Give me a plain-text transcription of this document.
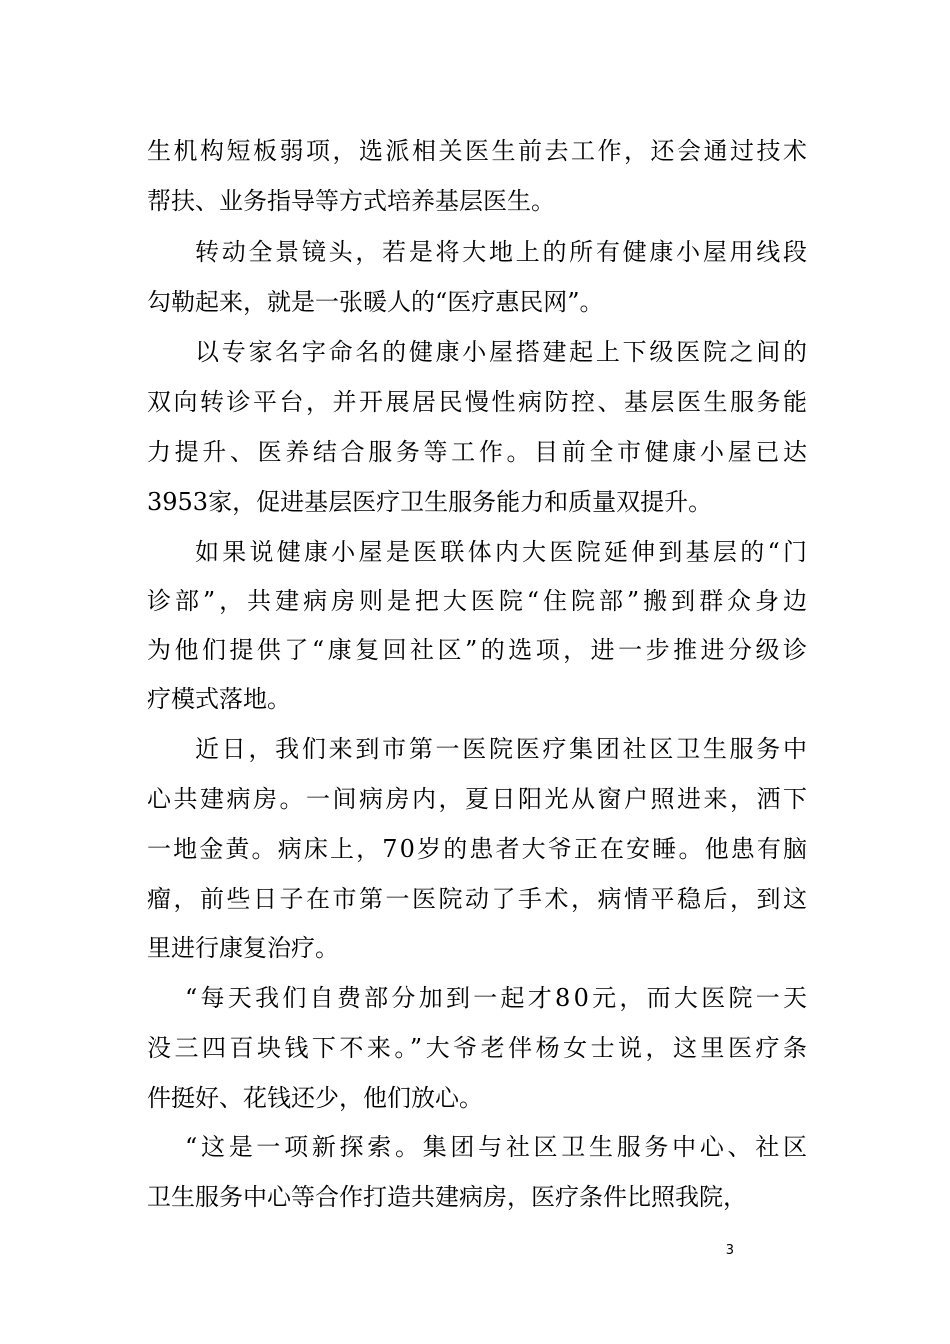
生机构短板弱项，选派相关医生前去工作，还会通过技术
帮扶、业务指导等方式培养基层医生。
转动全景镜头，若是将大地上的所有健康小屋用线段
勾勒起来，就是一张暖人的“医疗惠民网”。
以专家名字命名的健康小屋搭建起上下级医院之间的
双向转诊平台，并开展居民慢性病防控、基层医生服务能
力提升、医养结合服务等工作。目前全市健康小屋已达
3953家，促进基层医疗卫生服务能力和质量双提升。
如果说健康小屋是医联体内大医院延伸到基层的“门
诊部”，共建病房则是把大医院“住院部”搬到群众身边
为他们提供了“康复回社区”的选项，进一步推进分级诊
疗模式落地。
近日，我们来到市第一医院医疗集团社区卫生服务中
心共建病房。一间病房内，夏日阳光从窗户照进来，洒下
一地金黄。病床上，70岁的患者大爷正在安睡。他患有脑
瘤，前些日子在市第一医院动了手术，病情平稳后，到这
里进行康复治疗。
“每天我们自费部分加到一起才80元，而大医院一天
没三四百块钱下不来。”大爷老伴杨女士说，这里医疗条
件挺好、花钱还少，他们放心。
“这是一项新探索。集团与社区卫生服务中心、社区
卫生服务中心等合作打造共建病房，医疗条件比照我院，
3
